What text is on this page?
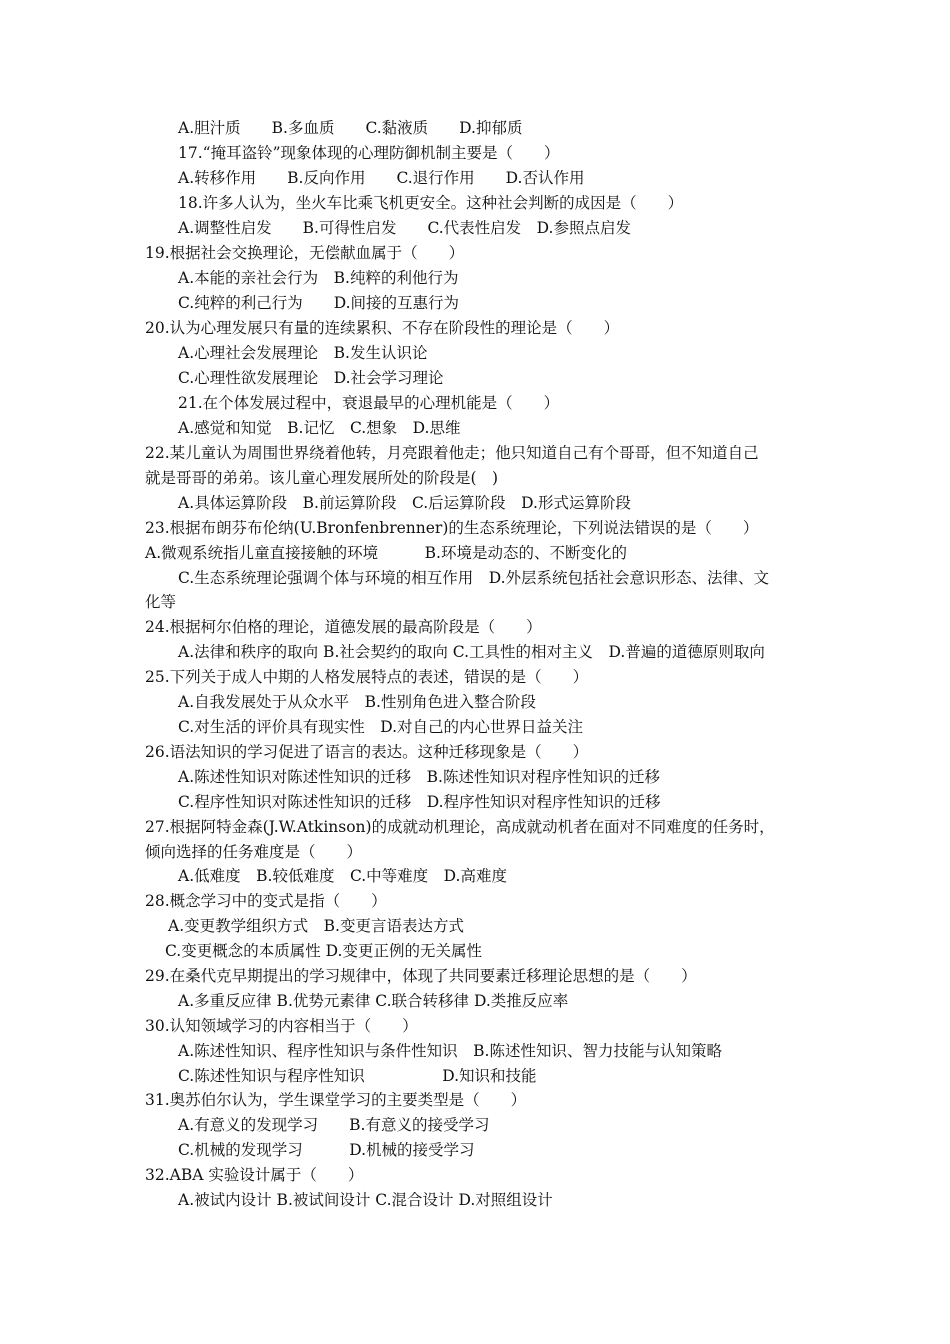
A.胆汁质　　B.多血质　　C.黏液质　　D.抑郁质
17.“掩耳盗铃”现象体现的心理防御机制主要是（　　）
A.转移作用　　B.反向作用　　C.退行作用　　D.否认作用
18.许多人认为，坐火车比乘飞机更安全。这种社会判断的成因是（　　）
A.调整性启发　　B.可得性启发　　C.代表性启发　D.参照点启发
19.根据社会交换理论，无偿献血属于（　　）
A.本能的亲社会行为　B.纯粹的利他行为
C.纯粹的利己行为　　D.间接的互惠行为
20.认为心理发展只有量的连续累积、不存在阶段性的理论是（　　）
A.心理社会发展理论　B.发生认识论
C.心理性欲发展理论　D.社会学习理论
21.在个体发展过程中，衰退最早的心理机能是（　　）
A.感觉和知觉　B.记忆　C.想象　D.思维
22.某儿童认为周围世界绕着他转，月亮跟着他走；他只知道自己有个哥哥，但不知道自己
就是哥哥的弟弟。该儿童心理发展所处的阶段是(　)
A.具体运算阶段　B.前运算阶段　C.后运算阶段　D.形式运算阶段
23.根据布朗芬布伦纳(U.Bronfenbrenner)的生态系统理论，下列说法错误的是（　　）
A.微观系统指儿童直接接触的环境　　　B.环境是动态的、不断变化的
C.生态系统理论强调个体与环境的相互作用　D.外层系统包括社会意识形态、法律、文
化等
24.根据柯尔伯格的理论，道德发展的最高阶段是（　　）
A.法律和秩序的取向 B.社会契约的取向 C.工具性的相对主义　D.普遍的道德原则取向
25.下列关于成人中期的人格发展特点的表述，错误的是（　　）
A.自我发展处于从众水平　B.性别角色进入整合阶段
C.对生活的评价具有现实性　D.对自己的内心世界日益关注
26.语法知识的学习促进了语言的表达。这种迁移现象是（　　）
A.陈述性知识对陈述性知识的迁移　B.陈述性知识对程序性知识的迁移
C.程序性知识对陈述性知识的迁移　D.程序性知识对程序性知识的迁移
27.根据阿特金森(J.W.Atkinson)的成就动机理论，高成就动机者在面对不同难度的任务时，
倾向选择的任务难度是（　　）
A.低难度　B.较低难度　C.中等难度　D.高难度
28.概念学习中的变式是指（　　）
A.变更教学组织方式　B.变更言语表达方式
C.变更概念的本质属性 D.变更正例的无关属性
29.在桑代克早期提出的学习规律中，体现了共同要素迁移理论思想的是（　　）
A.多重反应律 B.优势元素律 C.联合转移律 D.类推反应率
30.认知领域学习的内容相当于（　　）
A.陈述性知识、程序性知识与条件性知识　B.陈述性知识、智力技能与认知策略
C.陈述性知识与程序性知识　　　　　D.知识和技能
31.奥苏伯尔认为，学生课堂学习的主要类型是（　　）
A.有意义的发现学习　　B.有意义的接受学习
C.机械的发现学习　　　D.机械的接受学习
32.ABA 实验设计属于（　　）
A.被试内设计 B.被试间设计 C.混合设计 D.对照组设计
